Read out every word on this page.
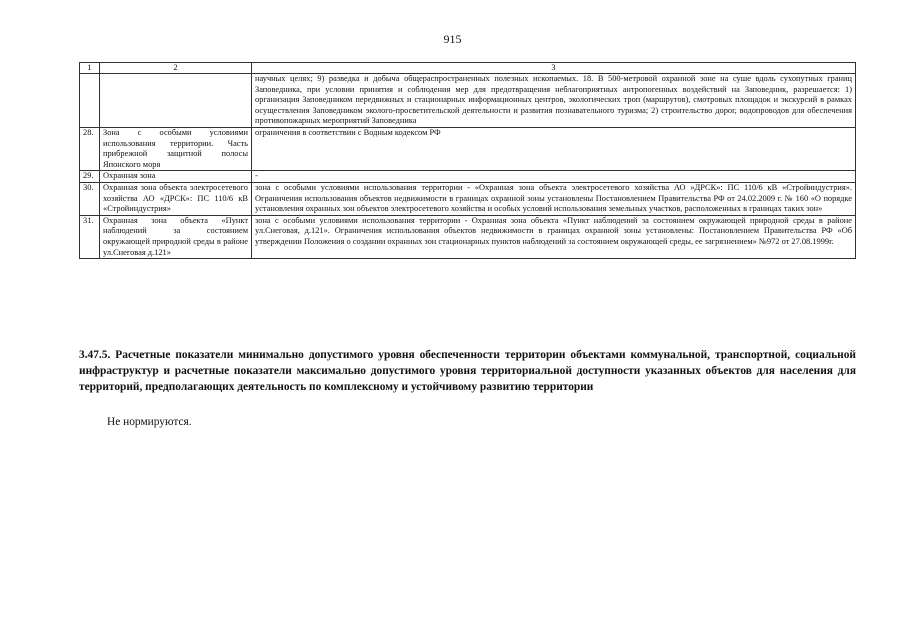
915
1	2	3
		научных целях; 9) разведка и добыча общераспространенных полезных ископаемых. 18. В 500-метровой охранной зоне на суше вдоль сухопутных границ Заповедника, при условии принятия и соблюдения мер для предотвращения неблагоприятных антропогенных воздействий на Заповедник, разрешается: 1) организация Заповедником передвижных и стационарных информационных центров, экологических троп (маршрутов), смотровых площадок и экскурсий в рамках осуществления Заповедником эколого-просветительской деятельности и развития познавательного туризма; 2) строительство дорог, водопроводов для обеспечения противопожарных мероприятий Заповедника
28.	Зона с особыми условиями использования территории. Часть прибрежной защитной полосы Японского моря	ограничения в соответствии с Водным кодексом РФ
29.	Охранная зона	-
30.	Охранная зона объекта электросетевого хозяйства АО «ДРСК»: ПС 110/6 кВ «Стройиндустрия»	зона с особыми условиями использования территории - «Охранная зона объекта электросетевого хозяйства АО »ДРСК»: ПС 110/6 кВ «Стройиндустрия». Ограничения использования объектов недвижимости в границах охранной зоны установлены Постановлением Правительства РФ от 24.02.2009 г. № 160 «О порядке установления охранных зон объектов электросетевого хозяйства и особых условий использования земельных участков, расположенных в границах таких зон»
31.	Охранная зона объекта «Пункт наблюдений за состоянием окружающей природной среды в районе ул.Снеговая д.121»	зона с особыми условиями использования территории - Охранная зона объекта «Пункт наблюдений за состоянием окружающей природной среды в районе ул.Снеговая, д.121». Ограничения использования объектов недвижимости в границах охранной зоны установлены: Постановлением Правительства РФ «Об утверждении Положения о создании охранных зон стационарных пунктов наблюдений за состоянием окружающей среды, ее загрязнением» №972 от 27.08.1999г.
3.47.5. Расчетные показатели минимально допустимого уровня обеспеченности территории объектами коммунальной, транспортной, социальной инфраструктур и расчетные показатели максимально допустимого уровня территориальной доступности указанных объектов для населения для территорий, предполагающих деятельность по комплексному и устойчивому развитию территории
Не нормируются.
